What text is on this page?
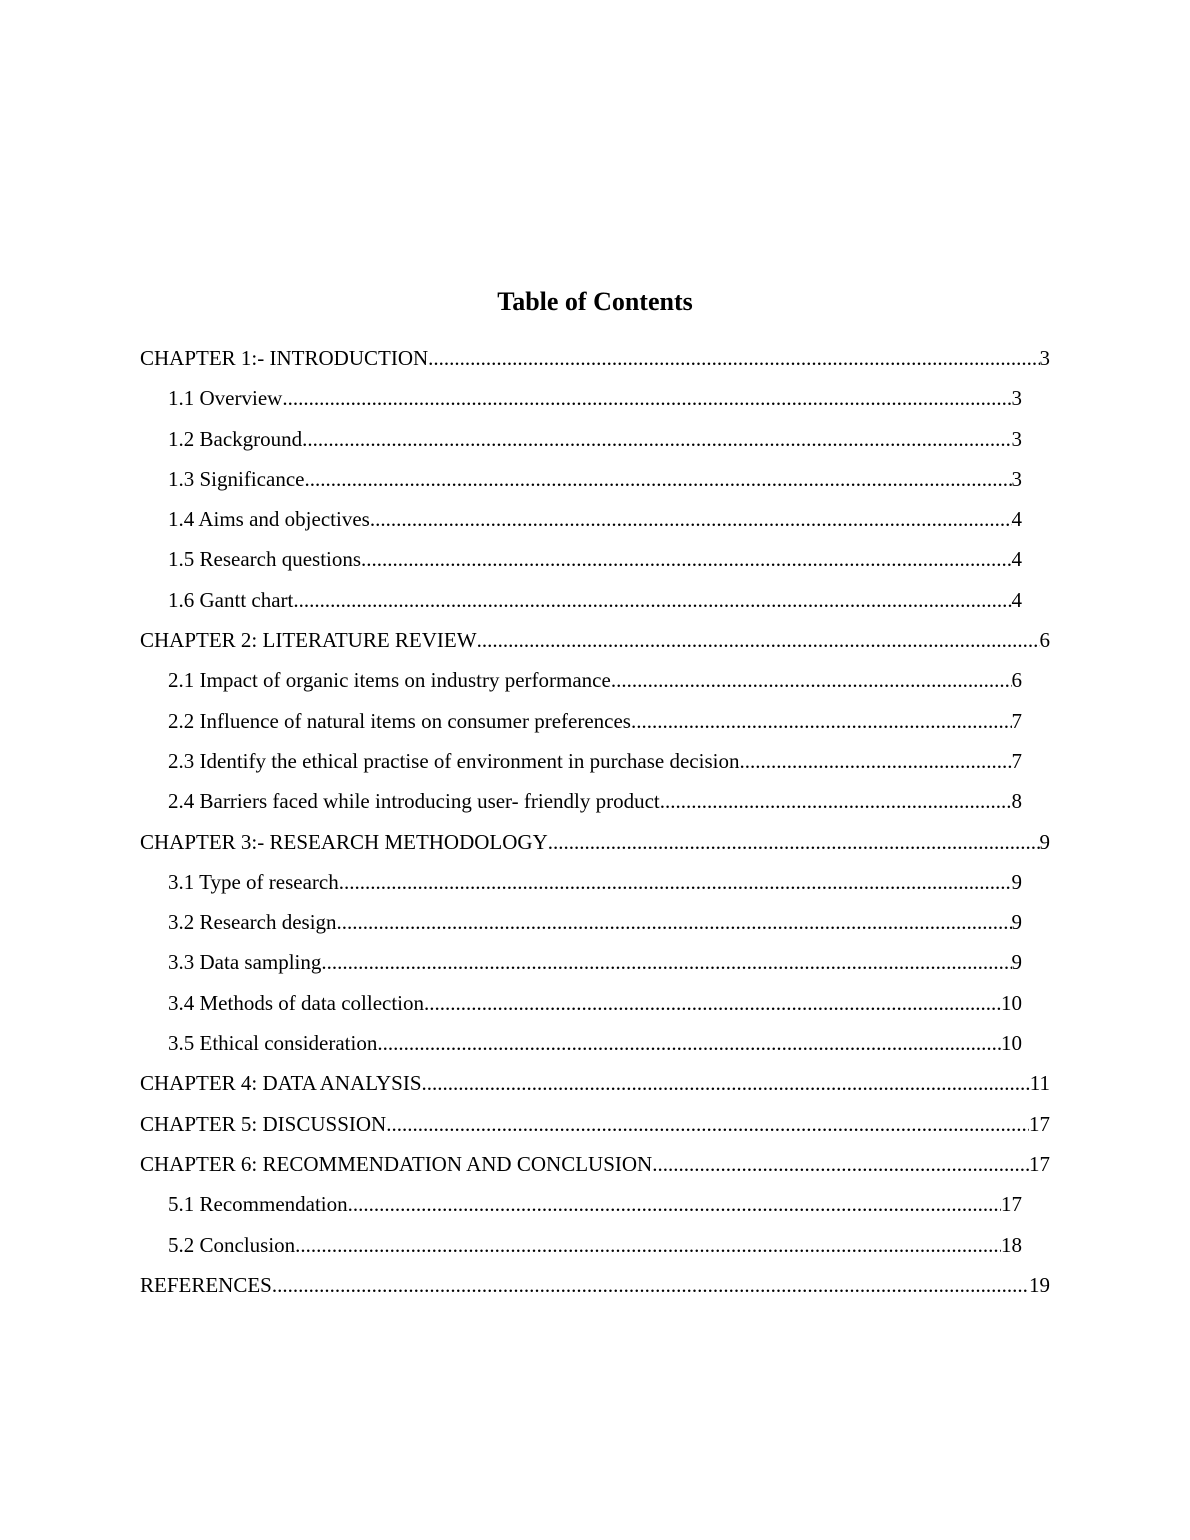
Table of Contents
CHAPTER 1:- INTRODUCTION .....	3
1.1 Overview .....	3
1.2 Background .....	3
1.3 Significance .....	3
1.4 Aims and objectives .....	4
1.5 Research questions .....	4
1.6 Gantt chart .....	4
CHAPTER 2: LITERATURE REVIEW .....	6
2.1 Impact of organic items on industry performance .....	6
2.2 Influence of natural items on consumer preferences .....	7
2.3 Identify the ethical practise of environment in purchase decision .....	7
2.4 Barriers faced while introducing user- friendly product .....	8
CHAPTER 3:- RESEARCH METHODOLOGY .....	9
3.1 Type of research .....	9
3.2 Research design .....	9
3.3 Data sampling .....	9
3.4 Methods of data collection .....	10
3.5 Ethical consideration .....	10
CHAPTER 4: DATA ANALYSIS .....	11
CHAPTER 5: DISCUSSION .....	17
CHAPTER 6: RECOMMENDATION AND CONCLUSION .....	17
5.1 Recommendation .....	17
5.2 Conclusion .....	18
REFERENCES .....	19
